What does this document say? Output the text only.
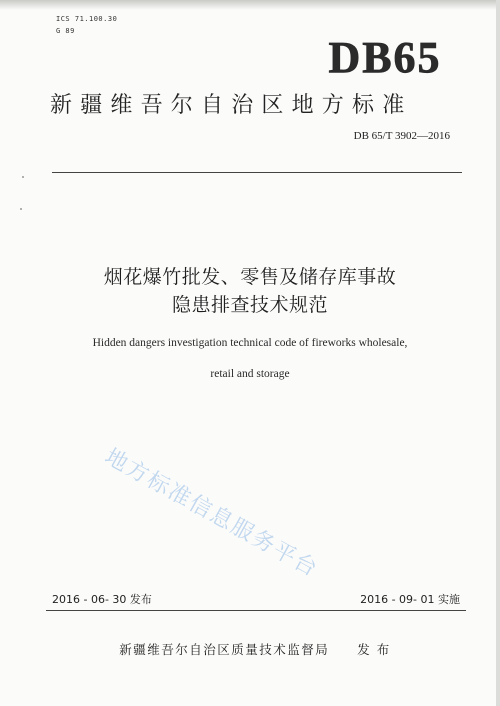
ICS 71.100.30
G 89
DB65
新疆维吾尔自治区地方标准
DB 65/T 3902—2016
烟花爆竹批发、零售及储存库事故
隐患排查技术规范
Hidden dangers investigation technical code of fireworks wholesale,
retail and storage
地方标准信息服务平台
2016 - 06- 30 发布	2016 - 09- 01 实施
新疆维吾尔自治区质量技术监督局　　发 布
